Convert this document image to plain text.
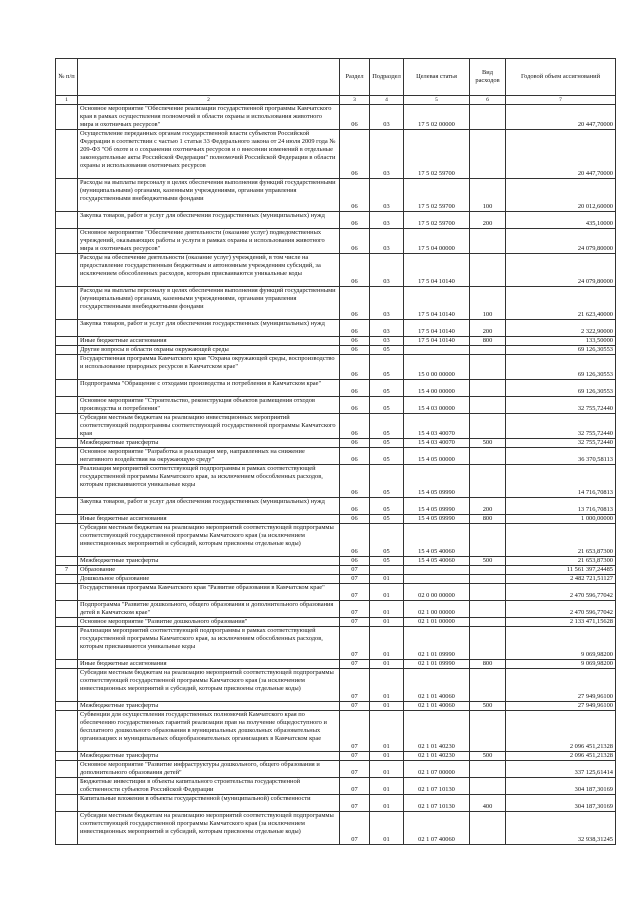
№ п/п		Раздел	Подраздел	Целевая статья	Вид расходов	Годовой объем ассигнований
1	2	3	4	5	6	7
	Основное мероприятие "Обеспечение реализации государственной программы Камчатского края в рамках осуществления полномочий в области охраны и использования животного мира и охотничьих ресурсов"	06	03	17 5 02 00000		20 447,70000
	Осуществление переданных органам государственной власти субъектов Российской Федерации в соответствии с частью 1 статьи 33 Федерального закона от 24 июля 2009 года № 209-ФЗ "Об охоте и о сохранении охотничьих ресурсов и о внесении изменений в отдельные законодательные акты Российской Федерации" полномочий Российской Федерации в области охраны и использования охотничьих ресурсов	06	03	17 5 02 59700		20 447,70000
	Расходы на выплаты персоналу в целях обеспечения выполнения функций государственными (муниципальными) органами, казенными учреждениями, органами управления государственными внебюджетными фондами	06	03	17 5 02 59700	100	20 012,60000
	Закупка товаров, работ и услуг для обеспечения государственных (муниципальных) нужд	06	03	17 5 02 59700	200	435,10000
	Основное мероприятие "Обеспечение деятельности (оказание услуг) подведомственных учреждений, оказывающих работы и услуги в рамках охраны и использования животного мира и охотничьих ресурсов"	06	03	17 5 04 00000		24 079,80000
	Расходы на обеспечение деятельности (оказание услуг) учреждений, в том числе на предоставление государственным бюджетным и автономным учреждениям субсидий, за исключением обособленных расходов, которым присваиваются уникальные коды	06	03	17 5 04 10140		24 079,80000
	Расходы на выплаты персоналу в целях обеспечения выполнения функций государственными (муниципальными) органами, казенными учреждениями, органами управления государственными внебюджетными фондами	06	03	17 5 04 10140	100	21 623,40000
	Закупка товаров, работ и услуг для обеспечения государственных (муниципальных) нужд	06	03	17 5 04 10140	200	2 322,90000
	Иные бюджетные ассигнования	06	03	17 5 04 10140	800	133,50000
	Другие вопросы в области охраны окружающей среды	06	05			69 126,30553
	Государственная программа Камчатского края "Охрана окружающей среды, воспроизводство и использование природных ресурсов в Камчатском крае"	06	05	15 0 00 00000		69 126,30553
	Подпрограмма "Обращение с отходами производства и потребления в Камчатском крае"	06	05	15 4 00 00000		69 126,30553
	Основное мероприятие "Строительство, реконструкция объектов размещения отходов производства и потребления"	06	05	15 4 03 00000		32 755,72440
	Субсидии местным бюджетам на реализацию инвестиционных мероприятий соответствующей подпрограммы соответствующей государственной программы Камчатского края	06	05	15 4 03 40070		32 755,72440
	Межбюджетные трансферты	06	05	15 4 03 40070	500	32 755,72440
	Основное мероприятие "Разработка и реализация мер, направленных на снижение негативного воздействия на окружающую среду"	06	05	15 4 05 00000		36 370,58113
	Реализация мероприятий соответствующей подпрограммы в рамках соответствующей государственной программы Камчатского края, за исключением обособленных расходов, которым присваиваются уникальные коды	06	05	15 4 05 09990		14 716,70813
	Закупка товаров, работ и услуг для обеспечения государственных (муниципальных) нужд	06	05	15 4 05 09990	200	13 716,70813
	Иные бюджетные ассигнования	06	05	15 4 05 09990	800	1 000,00000
	Субсидии местным бюджетам на реализацию мероприятий соответствующей подпрограммы соответствующей государственной программы Камчатского края (за исключением инвестиционных мероприятий и субсидий, которым присвоены отдельные коды)	06	05	15 4 05 40060		21 653,87300
	Межбюджетные трансферты	06	05	15 4 05 40060	500	21 653,87300
7	Образование	07				11 561 397,24485
	Дошкольное образование	07	01			2 482 721,51127
	Государственная программа Камчатского края "Развитие образования в Камчатском крае"	07	01	02 0 00 00000		2 470 596,77042
	Подпрограмма "Развитие дошкольного, общего образования и дополнительного образования детей в Камчатском крае"	07	01	02 1 00 00000		2 470 596,77042
	Основное мероприятие "Развитие дошкольного образования"	07	01	02 1 01 00000		2 133 471,15628
	Реализация мероприятий соответствующей подпрограммы в рамках соответствующей государственной программы Камчатского края, за исключением обособленных расходов, которым присваиваются уникальные коды	07	01	02 1 01 09990		9 069,98200
	Иные бюджетные ассигнования	07	01	02 1 01 09990	800	9 069,98200
	Субсидии местным бюджетам на реализацию мероприятий соответствующей подпрограммы соответствующей государственной программы Камчатского края (за исключением инвестиционных мероприятий и субсидий, которым присвоены отдельные коды)	07	01	02 1 01 40060		27 949,96100
	Межбюджетные трансферты	07	01	02 1 01 40060	500	27 949,96100
	Субвенции для осуществления государственных полномочий Камчатского края по обеспечению государственных гарантий реализации прав на получение общедоступного и бесплатного дошкольного образования в муниципальных дошкольных образовательных организациях и муниципальных общеобразовательных организациях в Камчатском крае	07	01	02 1 01 40230		2 096 451,21328
	Межбюджетные трансферты	07	01	02 1 01 40230	500	2 096 451,21328
	Основное мероприятие "Развитие инфраструктуры дошкольного, общего образования и дополнительного образования детей"	07	01	02 1 07 00000		337 125,61414
	Бюджетные инвестиции в объекты капитального строительства государственной собственности субъектов Российской Федерации	07	01	02 1 07 10130		304 187,30169
	Капитальные вложения в объекты государственной (муниципальной) собственности	07	01	02 1 07 10130	400	304 187,30169
	Субсидии местным бюджетам на реализацию мероприятий соответствующей подпрограммы соответствующей государственной программы Камчатского края (за исключением инвестиционных мероприятий и субсидий, которым присвоены отдельные коды)	07	01	02 1 07 40060		32 938,31245
